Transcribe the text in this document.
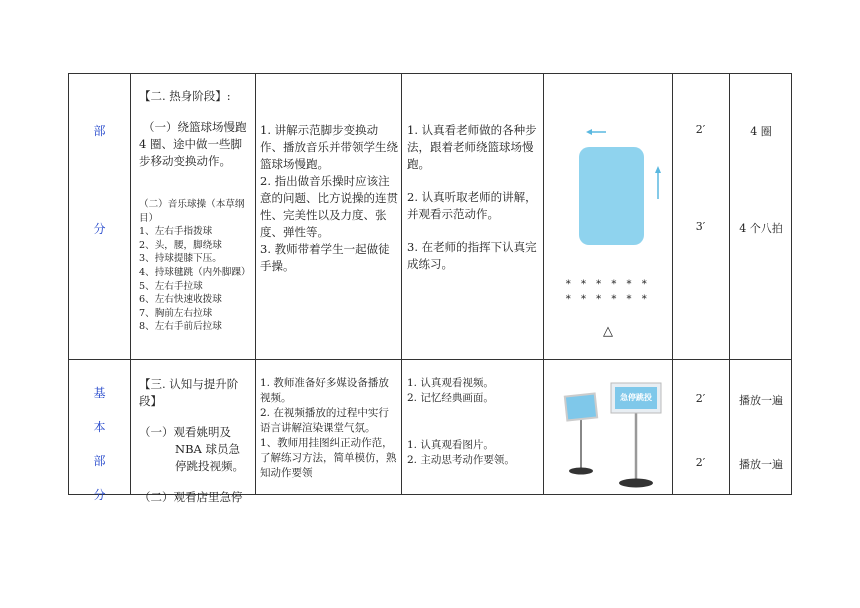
部
分

【二. 热身阶段】:

（一）绕篮球场慢跑 4 圈、途中做一些脚步移动变换动作。

（二）音乐球操（本草纲目）

1、左右手指拨球

2、头，腰，脚绕球

3、持球提膝下压。

4、持球毽跳（内外脚踝）

5、左右手拉球

6、左右快速收拨球

7、胸前左右拉球

8、左右手前后拉球

1. 讲解示范脚步变换动作、播放音乐并带领学生绕篮球场慢跑。

2. 指出做音乐操时应该注意的问题、比方说操的连贯性、完美性以及力度、张度、弹性等。

3. 教师带着学生一起做徒手操。

1. 认真看老师做的各种步法，跟着老师绕篮球场慢跑。

2. 认真听取老师的讲解，并观看示范动作。

3. 在老师的指挥下认真完成练习。

* * * * * *
* * * * * *
△
2′
3′
4 圈
4 个八拍
基
本
部
分

【三. 认知与提升阶段】

（一）观看姚明及 NBA 球员急停跳投视频。

（二）观看店里急停

1. 教师准备好多媒设备播放视频。

2. 在视频播放的过程中实行语言讲解渲染课堂气氛。

1、教师用挂图纠正动作范，了解练习方法，简单模仿，熟知动作要领

1. 认真观看视频。

2. 记忆经典画面。

1. 认真观看图片。

2. 主动思考动作要领。

急停跳投	2′
2′
播放一遍
播放一遍
